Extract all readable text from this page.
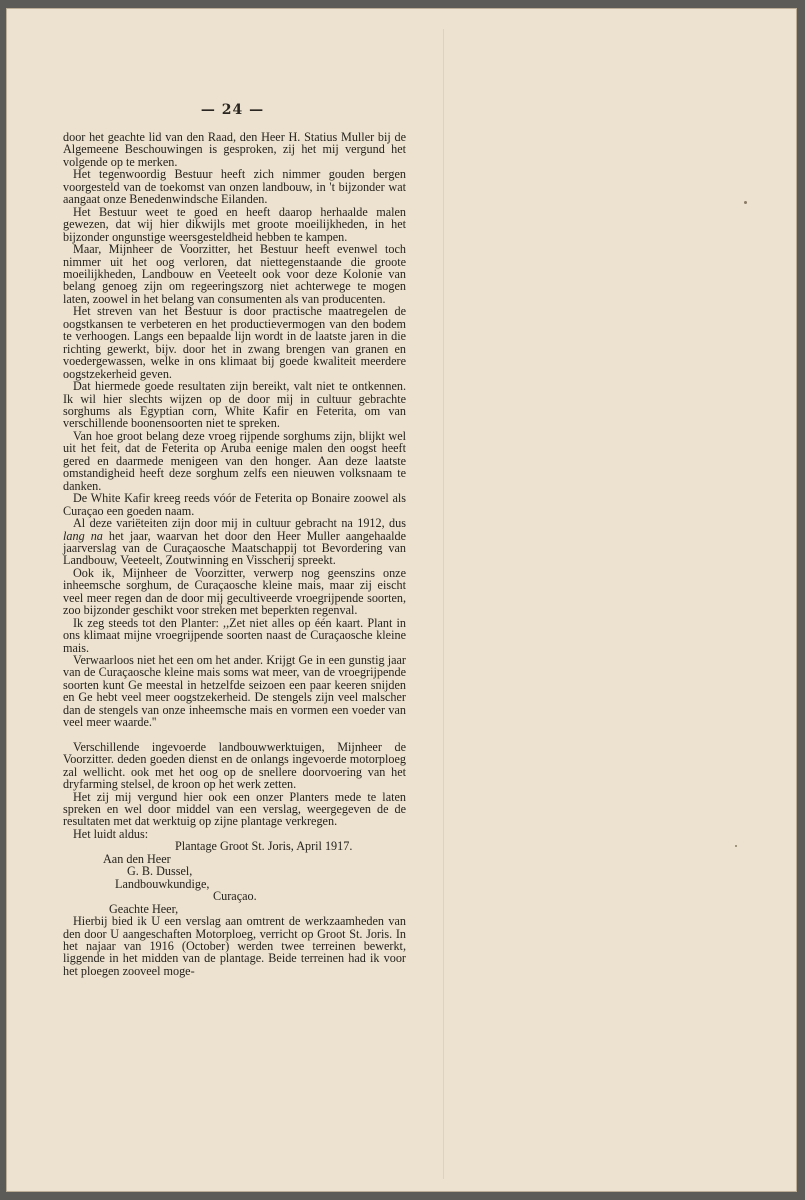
— 24 —

door het geachte lid van den Raad, den Heer H. Statius Muller bij de Algemeene Beschouwingen is gesproken, zij het mij vergund het volgende op te merken.

Het tegenwoordig Bestuur heeft zich nimmer gouden bergen voorgesteld van de toekomst van onzen landbouw, in 't bijzonder wat aangaat onze Benedenwindsche Eilanden.

Het Bestuur weet te goed en heeft daarop herhaalde malen gewezen, dat wij hier dikwijls met groote moeilijkheden, in het bijzonder ongunstige weersgesteldheid hebben te kampen.

Maar, Mijnheer de Voorzitter, het Bestuur heeft evenwel toch nimmer uit het oog verloren, dat niettegenstaande die groote moeilijkheden, Landbouw en Veeteelt ook voor deze Kolonie van belang genoeg zijn om regeeringszorg niet achterwege te mogen laten, zoowel in het belang van consumenten als van producenten.

Het streven van het Bestuur is door practische maatregelen de oogstkansen te verbeteren en het productievermogen van den bodem te verhoogen. Langs een bepaalde lijn wordt in de laatste jaren in die richting gewerkt, bijv. door het in zwang brengen van granen en voedergewassen, welke in ons klimaat bij goede kwaliteit meerdere oogstzekerheid geven.

Dat hiermede goede resultaten zijn bereikt, valt niet te ontkennen. Ik wil hier slechts wijzen op de door mij in cultuur gebrachte sorghums als Egyptian corn, White Kafir en Feterita, om van verschillende boonensoorten niet te spreken.

Van hoe groot belang deze vroeg rijpende sorghums zijn, blijkt wel uit het feit, dat de Feterita op Aruba eenige malen den oogst heeft gered en daarmede menigeen van den honger. Aan deze laatste omstandigheid heeft deze sorghum zelfs een nieuwen volksnaam te danken.

De White Kafir kreeg reeds vóór de Feterita op Bonaire zoowel als Curaçao een goeden naam.

Al deze variëteiten zijn door mij in cultuur gebracht na 1912, dus lang na het jaar, waarvan het door den Heer Muller aangehaalde jaarverslag van de Curaçaosche Maatschappij tot Bevordering van Landbouw, Veeteelt, Zoutwinning en Visscherij spreekt.

Ook ik, Mijnheer de Voorzitter, verwerp nog geenszins onze inheemsche sorghum, de Curaçaosche kleine mais, maar zij eischt veel meer regen dan de door mij gecultiveerde vroegrijpende soorten, zoo bijzonder geschikt voor streken met beperkten regenval.

Ik zeg steeds tot den Planter: ,,Zet niet alles op één kaart. Plant in ons klimaat mijne vroegrijpende soorten naast de Curaçaosche kleine mais.

Verwaarloos niet het een om het ander. Krijgt Ge in een gunstig jaar van de Curaçaosche kleine mais soms wat meer, van de vroegrijpende soorten kunt Ge meestal in hetzelfde seizoen een paar keeren snijden en Ge hebt veel meer oogstzekerheid. De stengels zijn veel malscher dan de stengels van onze inheemsche mais en vormen een voeder van veel meer waarde.''

Verschillende ingevoerde landbouwwerktuigen, Mijnheer de Voorzitter. deden goeden dienst en de onlangs ingevoerde motorploeg zal wellicht. ook met het oog op de snellere doorvoering van het dryfarming stelsel, de kroon op het werk zetten.

Het zij mij vergund hier ook een onzer Planters mede te laten spreken en wel door middel van een verslag, weergegeven de de resultaten met dat werktuig op zijne plantage verkregen.

Het luidt aldus:

Plantage Groot St. Joris, April 1917.
Aan den Heer
G. B. Dussel,
Landbouwkundige,
Curaçao.
Geachte Heer,

Hierbij bied ik U een verslag aan omtrent de werkzaamheden van den door U aangeschaften Motorploeg, verricht op Groot St. Joris. In het najaar van 1916 (October) werden twee terreinen bewerkt, liggende in het midden van de plantage. Beide terreinen had ik voor het ploegen zooveel moge-
